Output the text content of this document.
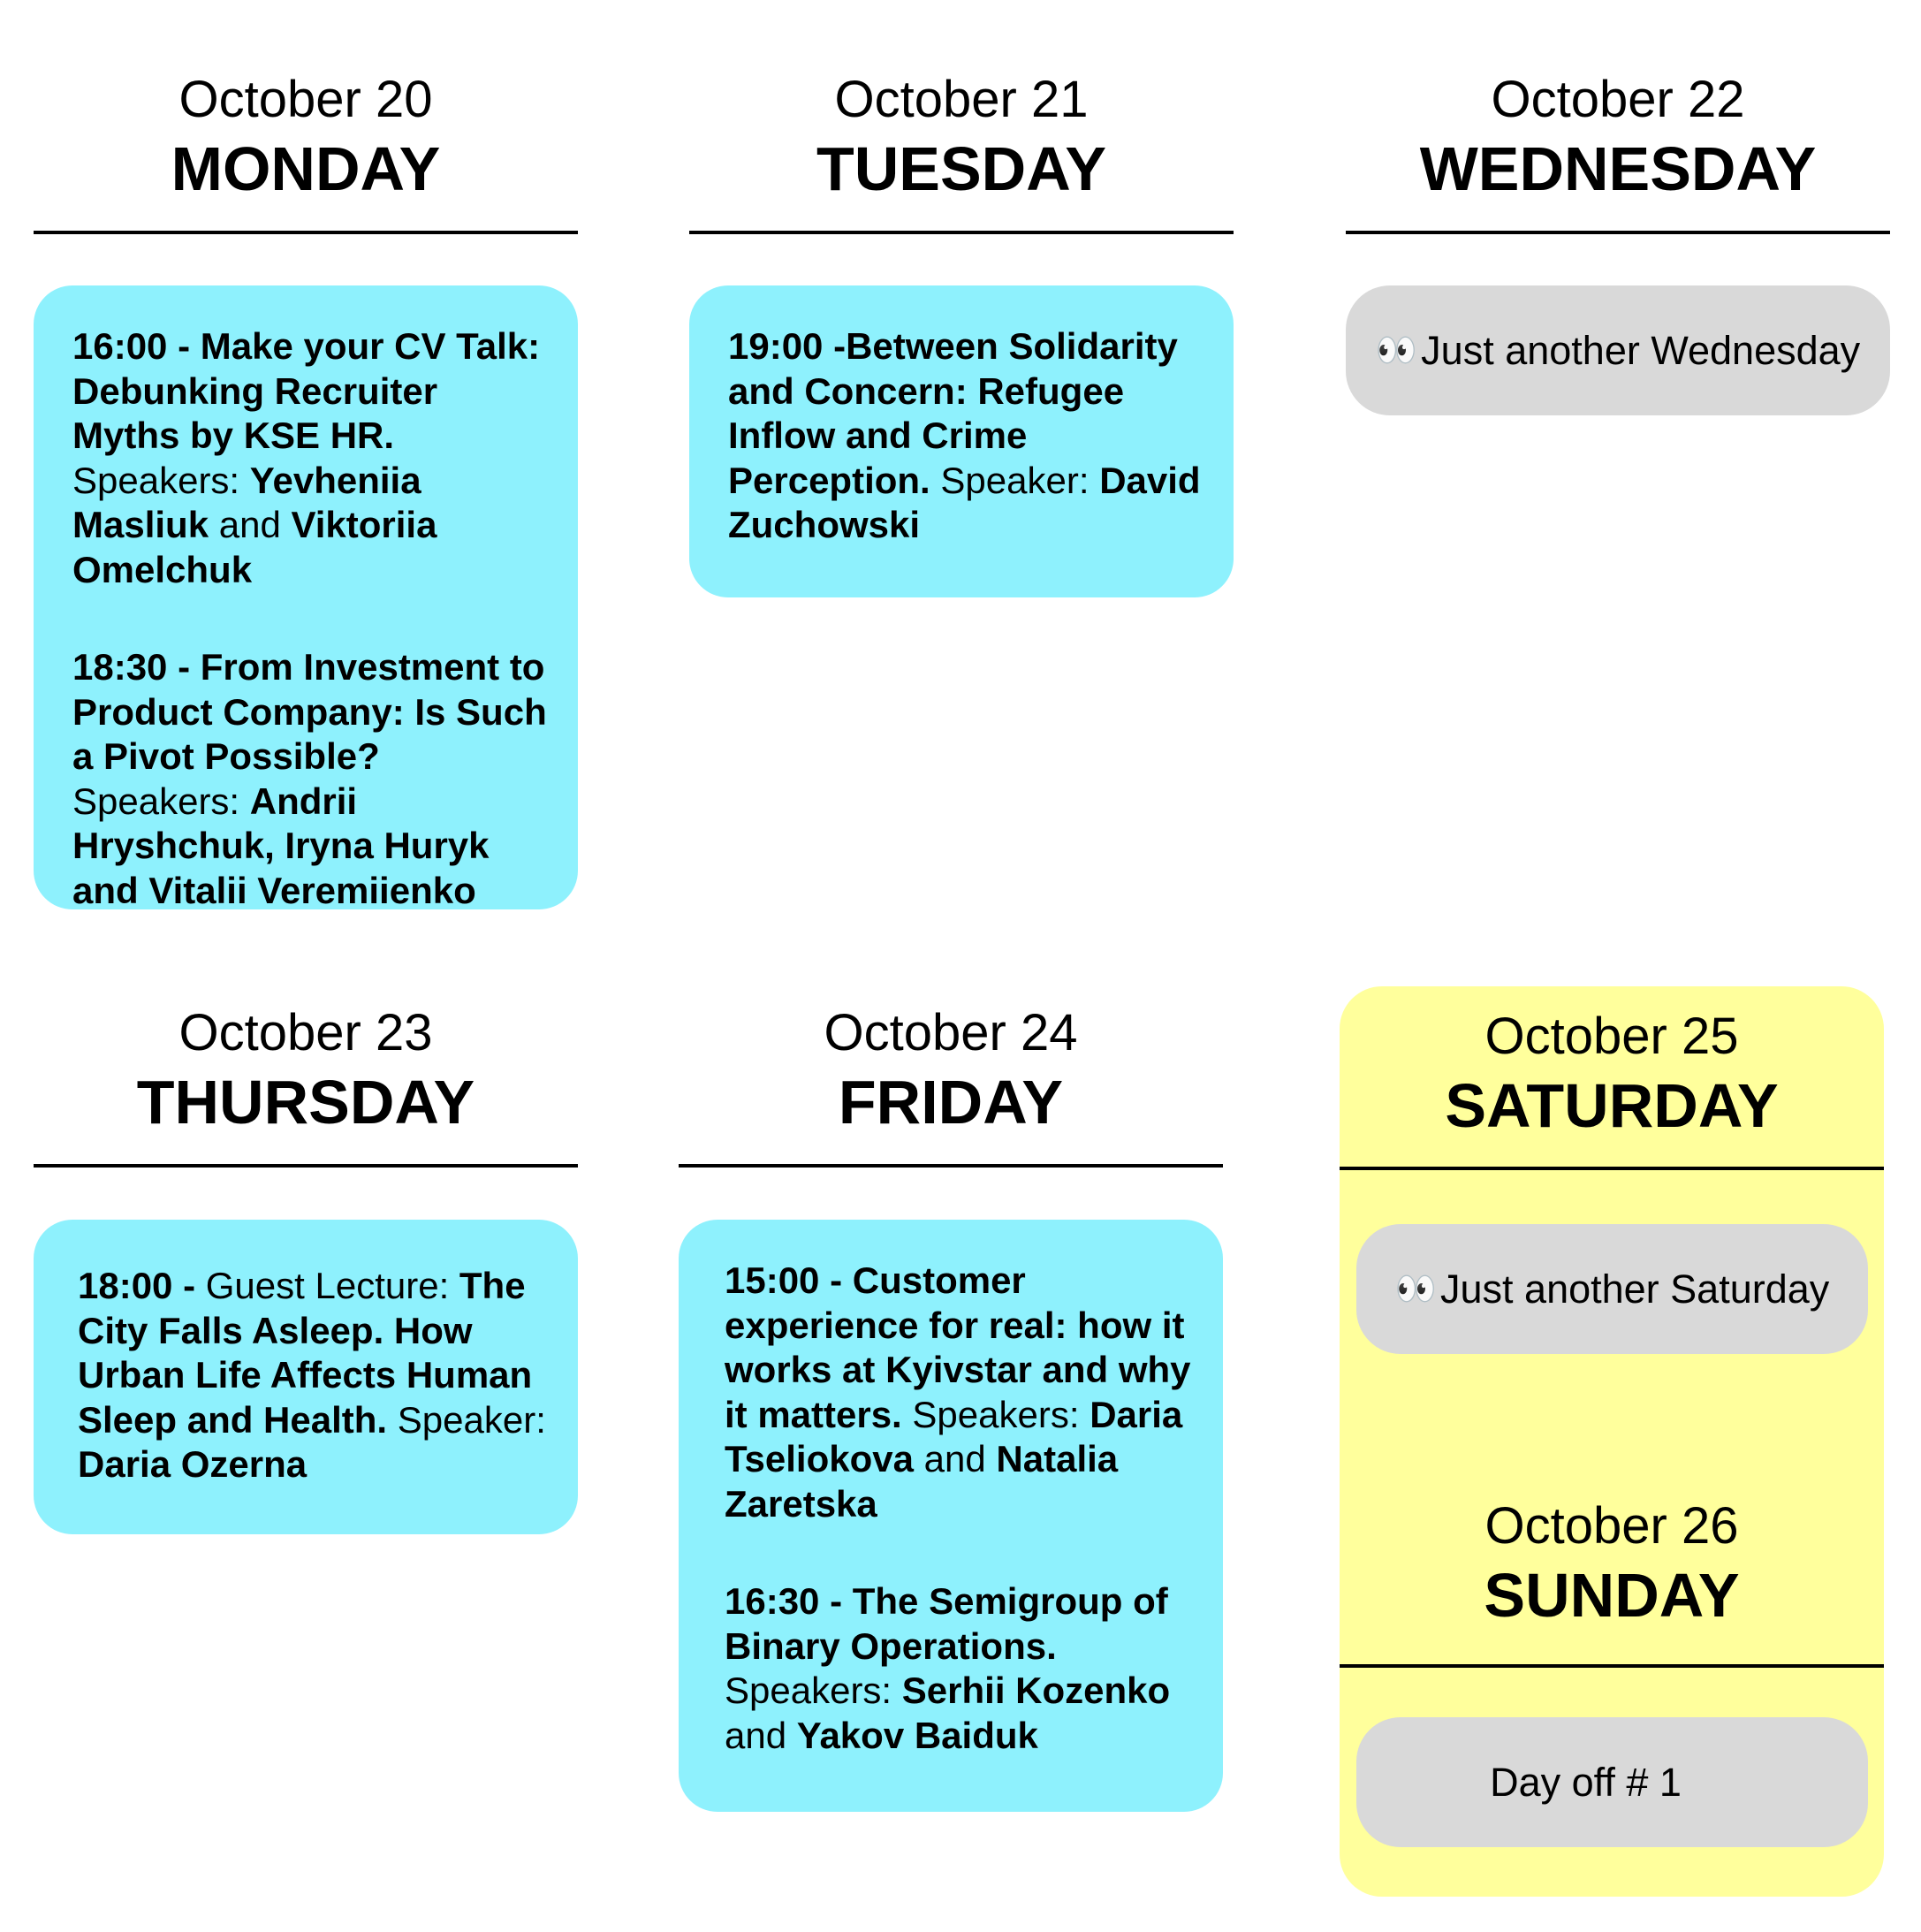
October 20
MONDAY
October 21
TUESDAY
October 22
WEDNESDAY

16:00 - Make your CV Talk: Debunking Recruiter Myths by KSE HR. Speakers: Yevheniia Masliuk and Viktoriia Omelchuk

18:30 - From Investment to Product Company: Is Such a Pivot Possible? Speakers: Andrii Hryshchuk, Iryna Huryk and Vitalii Veremiienko

19:00 -Between Solidarity and Concern: Refugee Inflow and Crime Perception. Speaker: David Zuchowski

👀 Just another Wednesday
October 23
THURSDAY
October 24
FRIDAY
October 25
SATURDAY

18:00 - Guest Lecture: The City Falls Asleep. How Urban Life Affects Human Sleep and Health. Speaker: Daria Ozerna

15:00 - Customer experience for real: how it works at Kyivstar and why it matters. Speakers: Daria Tseliokova and Natalia Zaretska

16:30 - The Semigroup of Binary Operations. Speakers: Serhii Kozenko and Yakov Baiduk

👀 Just another Saturday
October 26
SUNDAY
Day off # 1
